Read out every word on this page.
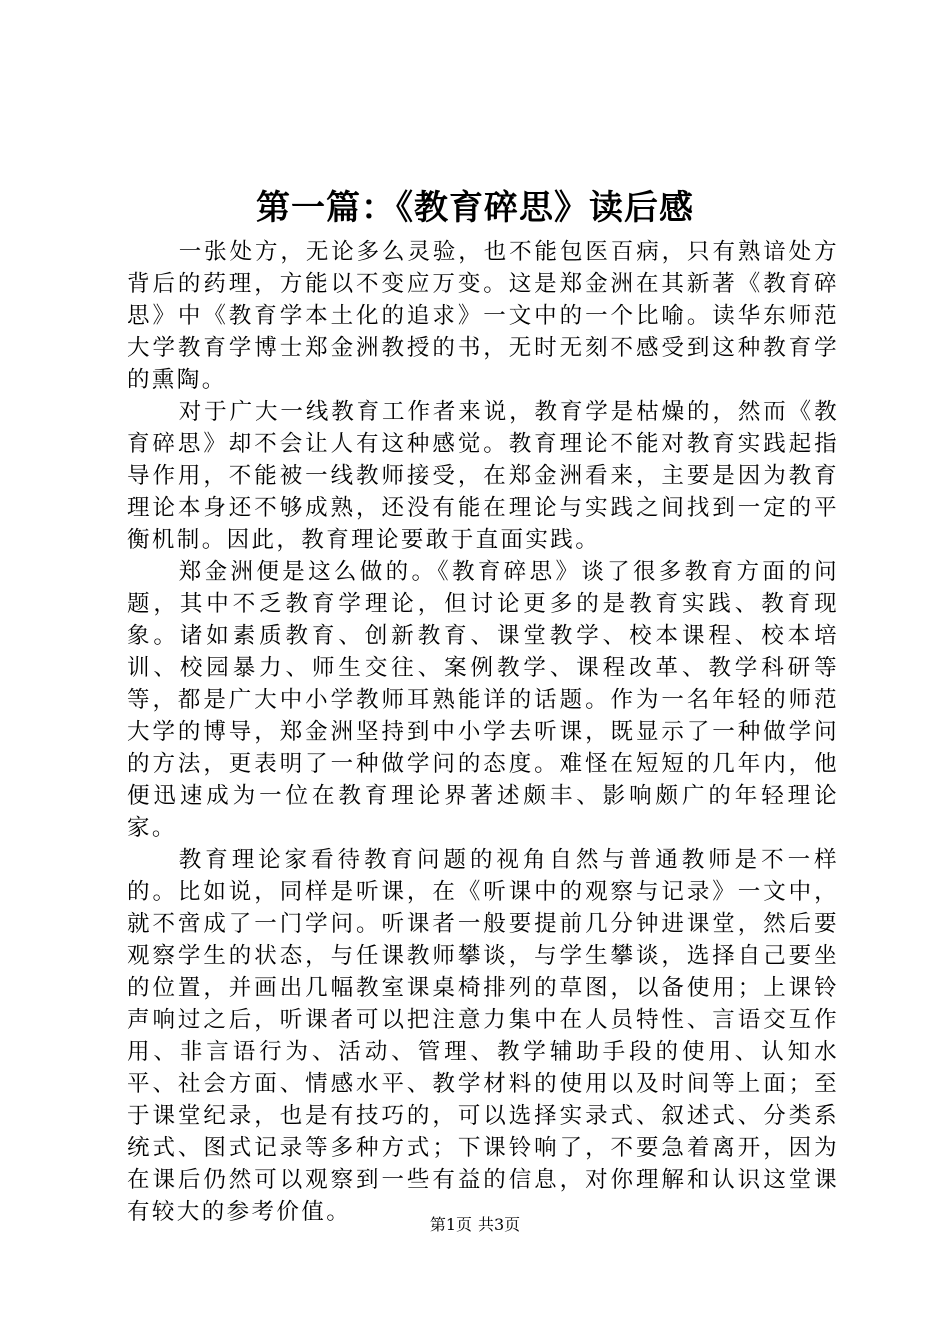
第一篇：《教育碎思》读后感

一张处方，无论多么灵验，也不能包医百病，只有熟谙处方背后的药理，方能以不变应万变。这是郑金洲在其新著《教育碎思》中《教育学本土化的追求》一文中的一个比喻。读华东师范大学教育学博士郑金洲教授的书，无时无刻不感受到这种教育学的熏陶。

对于广大一线教育工作者来说，教育学是枯燥的，然而《教育碎思》却不会让人有这种感觉。教育理论不能对教育实践起指导作用，不能被一线教师接受，在郑金洲看来，主要是因为教育理论本身还不够成熟，还没有能在理论与实践之间找到一定的平衡机制。因此，教育理论要敢于直面实践。

郑金洲便是这么做的。《教育碎思》谈了很多教育方面的问题，其中不乏教育学理论，但讨论更多的是教育实践、教育现象。诸如素质教育、创新教育、课堂教学、校本课程、校本培训、校园暴力、师生交往、案例教学、课程改革、教学科研等等，都是广大中小学教师耳熟能详的话题。作为一名年轻的师范大学的博导，郑金洲坚持到中小学去听课，既显示了一种做学问的方法，更表明了一种做学问的态度。难怪在短短的几年内，他便迅速成为一位在教育理论界著述颇丰、影响颇广的年轻理论家。

教育理论家看待教育问题的视角自然与普通教师是不一样的。比如说，同样是听课，在《听课中的观察与记录》一文中，就不啻成了一门学问。听课者一般要提前几分钟进课堂，然后要观察学生的状态，与任课教师攀谈，与学生攀谈，选择自己要坐的位置，并画出几幅教室课桌椅排列的草图，以备使用；上课铃声响过之后，听课者可以把注意力集中在人员特性、言语交互作用、非言语行为、活动、管理、教学辅助手段的使用、认知水平、社会方面、情感水平、教学材料的使用以及时间等上面；至于课堂纪录，也是有技巧的，可以选择实录式、叙述式、分类系统式、图式记录等多种方式；下课铃响了，不要急着离开，因为在课后仍然可以观察到一些有益的信息，对你理解和认识这堂课有较大的参考价值。	第1页 共3页
